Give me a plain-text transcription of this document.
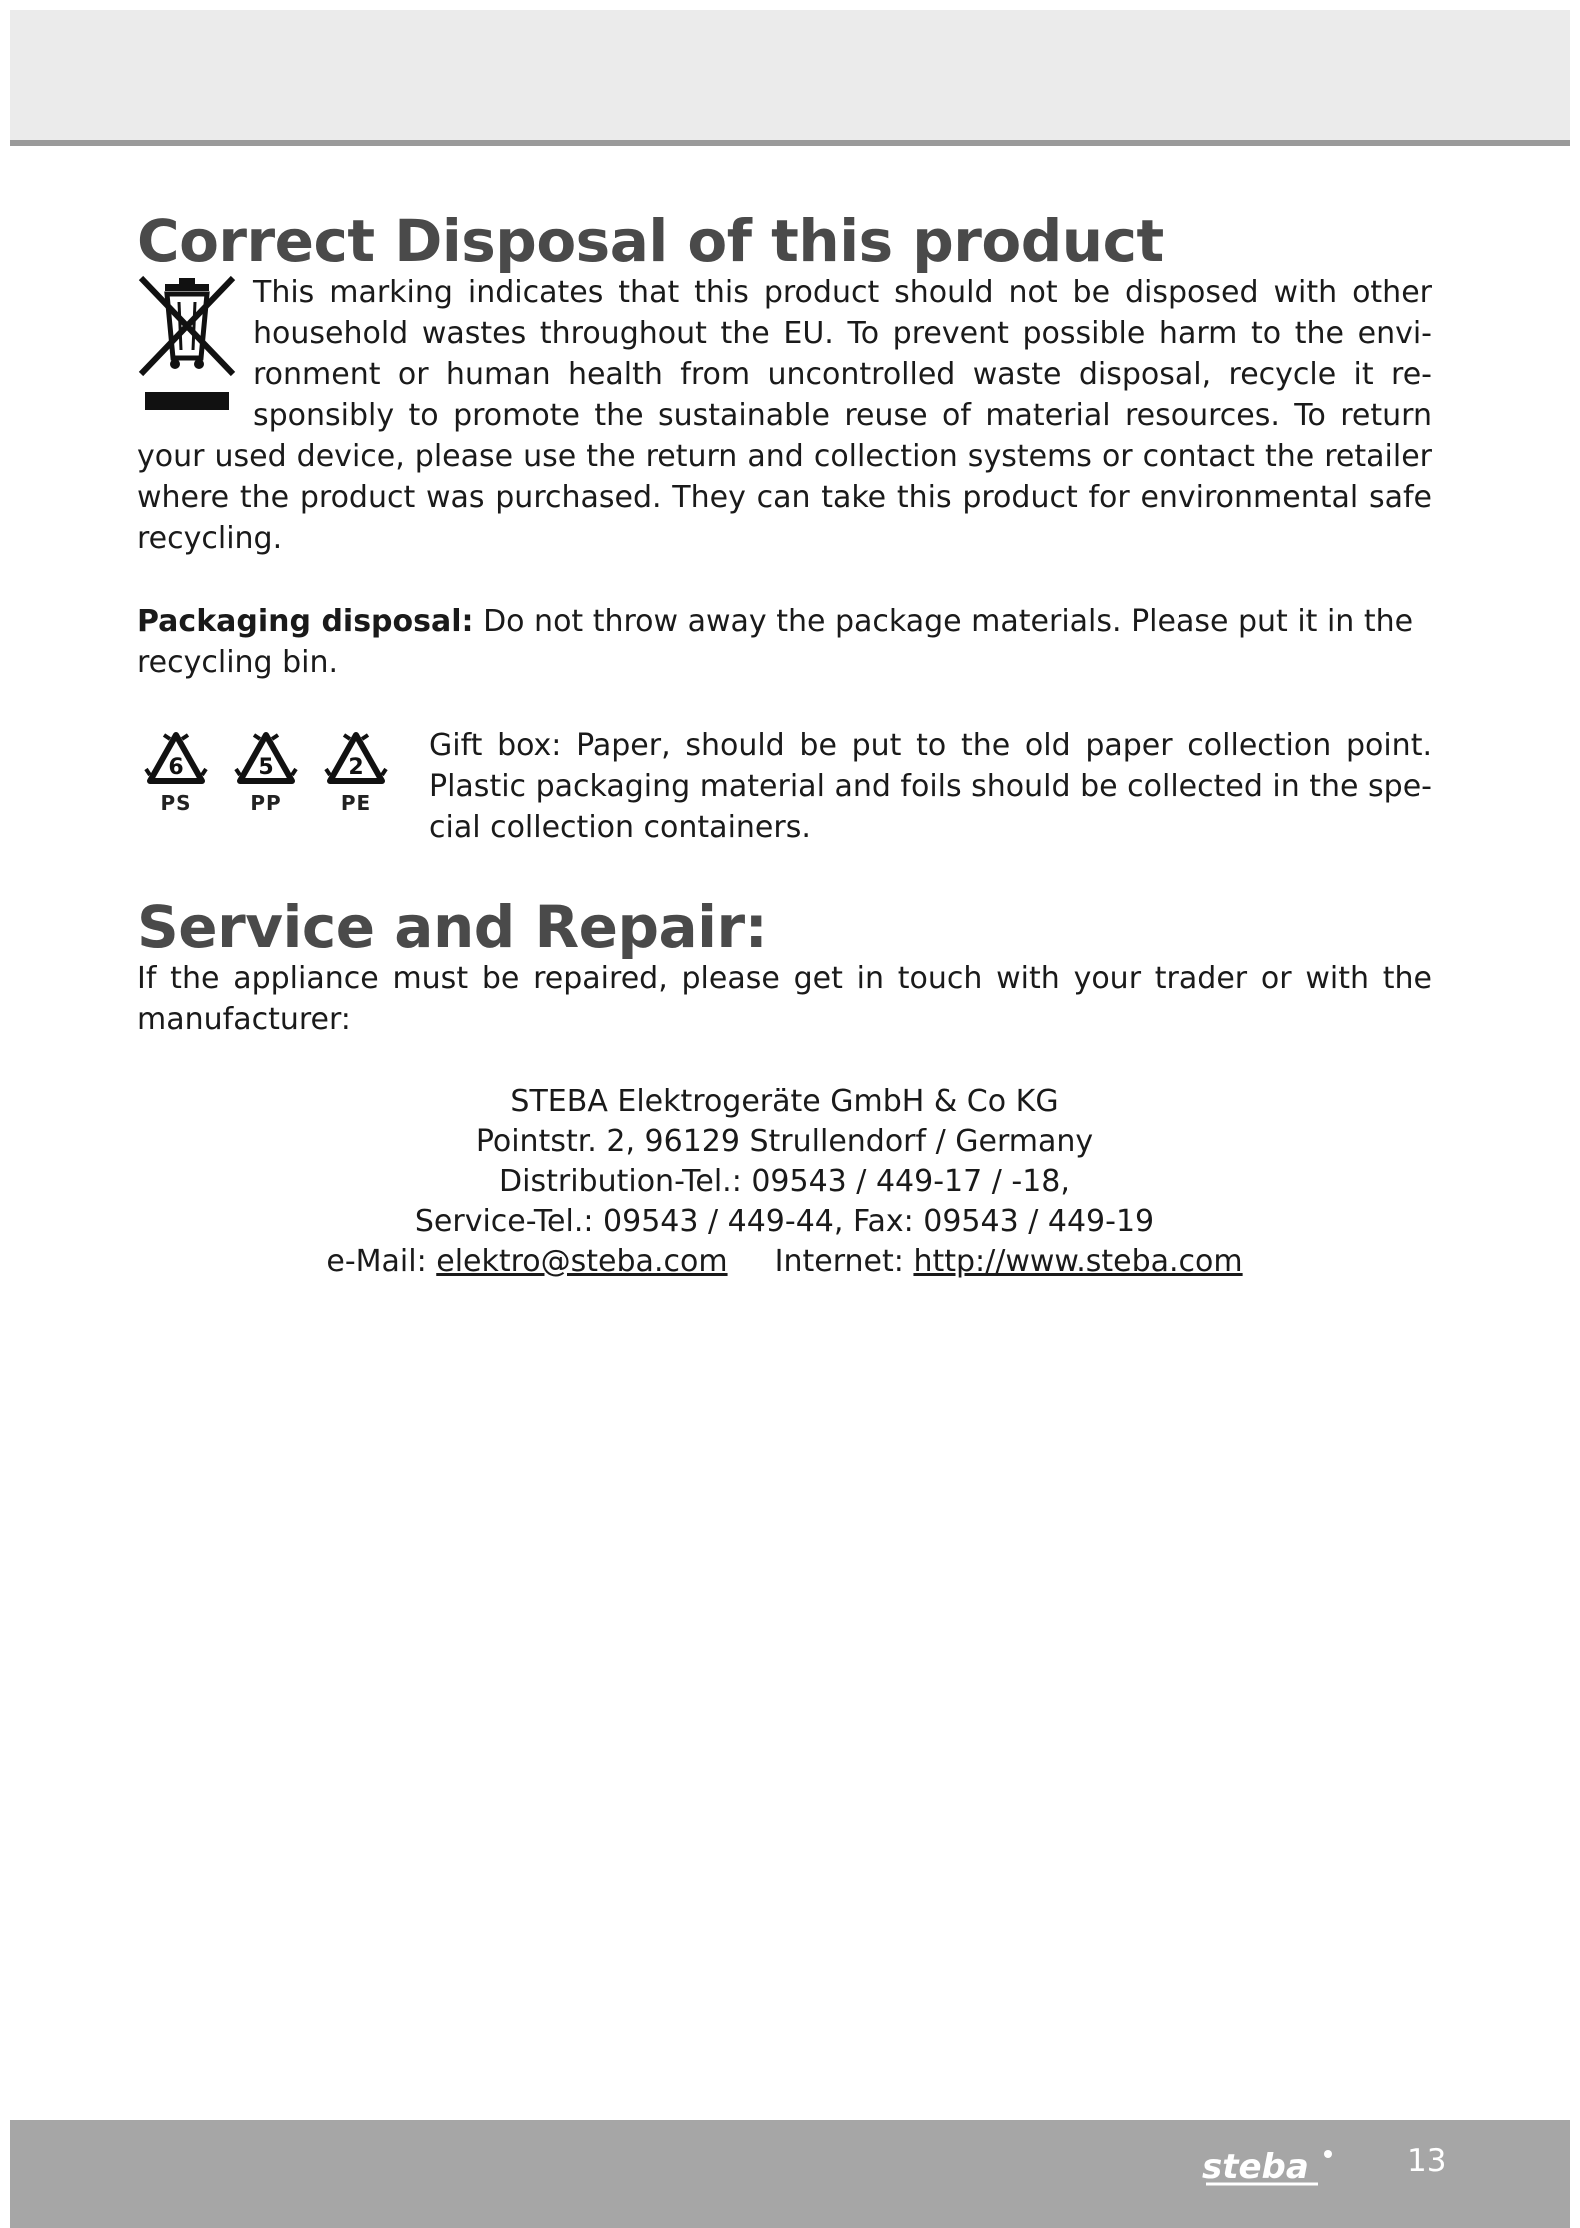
Correct Disposal of this product

This marking indicates that this product should not be disposed with other household wastes throughout the EU. To prevent possible harm to the envi-ronment or human health from uncontrolled waste disposal, recycle it re-sponsibly to promote the sustainable reuse of material resources. To return your used device, please use the return and collection systems or contact the retailer where the product was purchased. They can take this product for environmental safe recycling.

Packaging disposal: Do not throw away the package materials. Please put it in the recycling bin.

6
PS
5
PP
2
PE

Gift box: Paper, should be put to the old paper collection point. Plastic packaging material and foils should be collected in the spe-cial collection containers.

Service and Repair:

If the appliance must be repaired, please get in touch with your trader or with the manufacturer:

STEBA Elektrogeräte GmbH & Co KG
Pointstr. 2, 96129 Strullendorf / Germany
Distribution-Tel.: 09543 / 449-17 / -18,
Service-Tel.: 09543 / 449-44, Fax: 09543 / 449-19
e-Mail: elektro@steba.com Internet: http://www.steba.com
steba	13
